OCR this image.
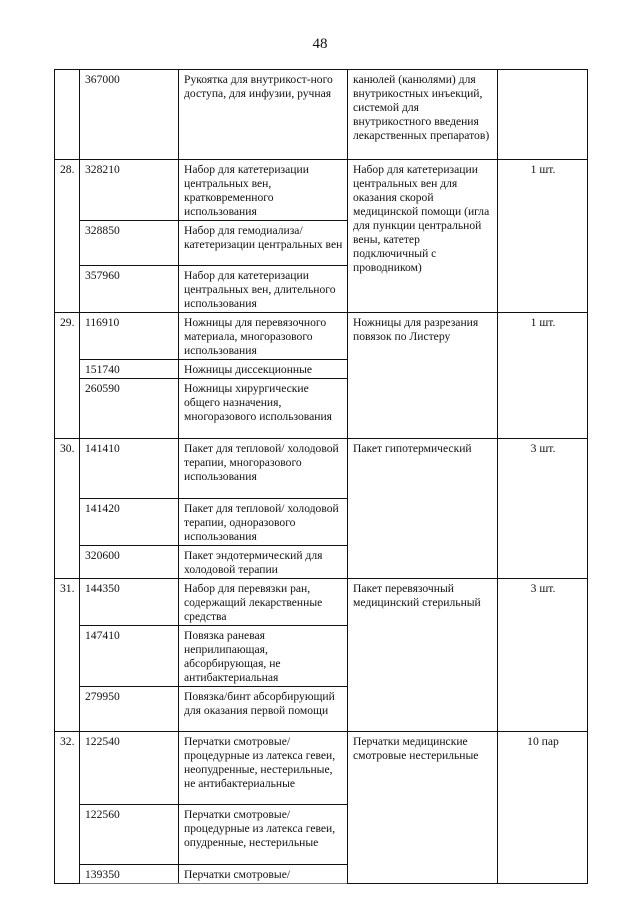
48
	367000	Рукоятка для внутрикост-ного доступа, для инфузии, ручная	канюлей (канюлями) для внутрикостных инъекций, системой для внутрикостного введения лекарственных препаратов)	
28.	328210	Набор для катетеризации центральных вен, кратковременного использования	Набор для катетеризации центральных вен для оказания скорой медицинской помощи (игла для пункции центральной вены, катетер подключичный с проводником)	1 шт.
	328850	Набор для гемодиализа/ катетеризации центральных вен		
	357960	Набор для катетеризации центральных вен, длительного использования		
29.	116910	Ножницы для перевязочного материала, многоразового использования	Ножницы для разрезания повязок по Листеру	1 шт.
	151740	Ножницы диссекционные		
	260590	Ножницы хирургические общего назначения, многоразового использования		
30.	141410	Пакет для тепловой/ холодовой терапии, многоразового использования	Пакет гипотермический	3 шт.
	141420	Пакет для тепловой/ холодовой терапии, одноразового использования		
	320600	Пакет эндотермический для холодовой терапии		
31.	144350	Набор для перевязки ран, содержащий лекарственные средства	Пакет перевязочный медицинский стерильный	3 шт.
	147410	Повязка раневая неприлипающая, абсорбирующая, не антибактериальная		
	279950	Повязка/бинт абсорбирующий для оказания первой помощи		
32.	122540	Перчатки смотровые/ процедурные из латекса гевеи, неопудренные, нестерильные, не антибактериальные	Перчатки медицинские смотровые нестерильные	10 пар
	122560	Перчатки смотровые/ процедурные из латекса гевеи, опудренные, нестерильные		
	139350	Перчатки смотровые/		
